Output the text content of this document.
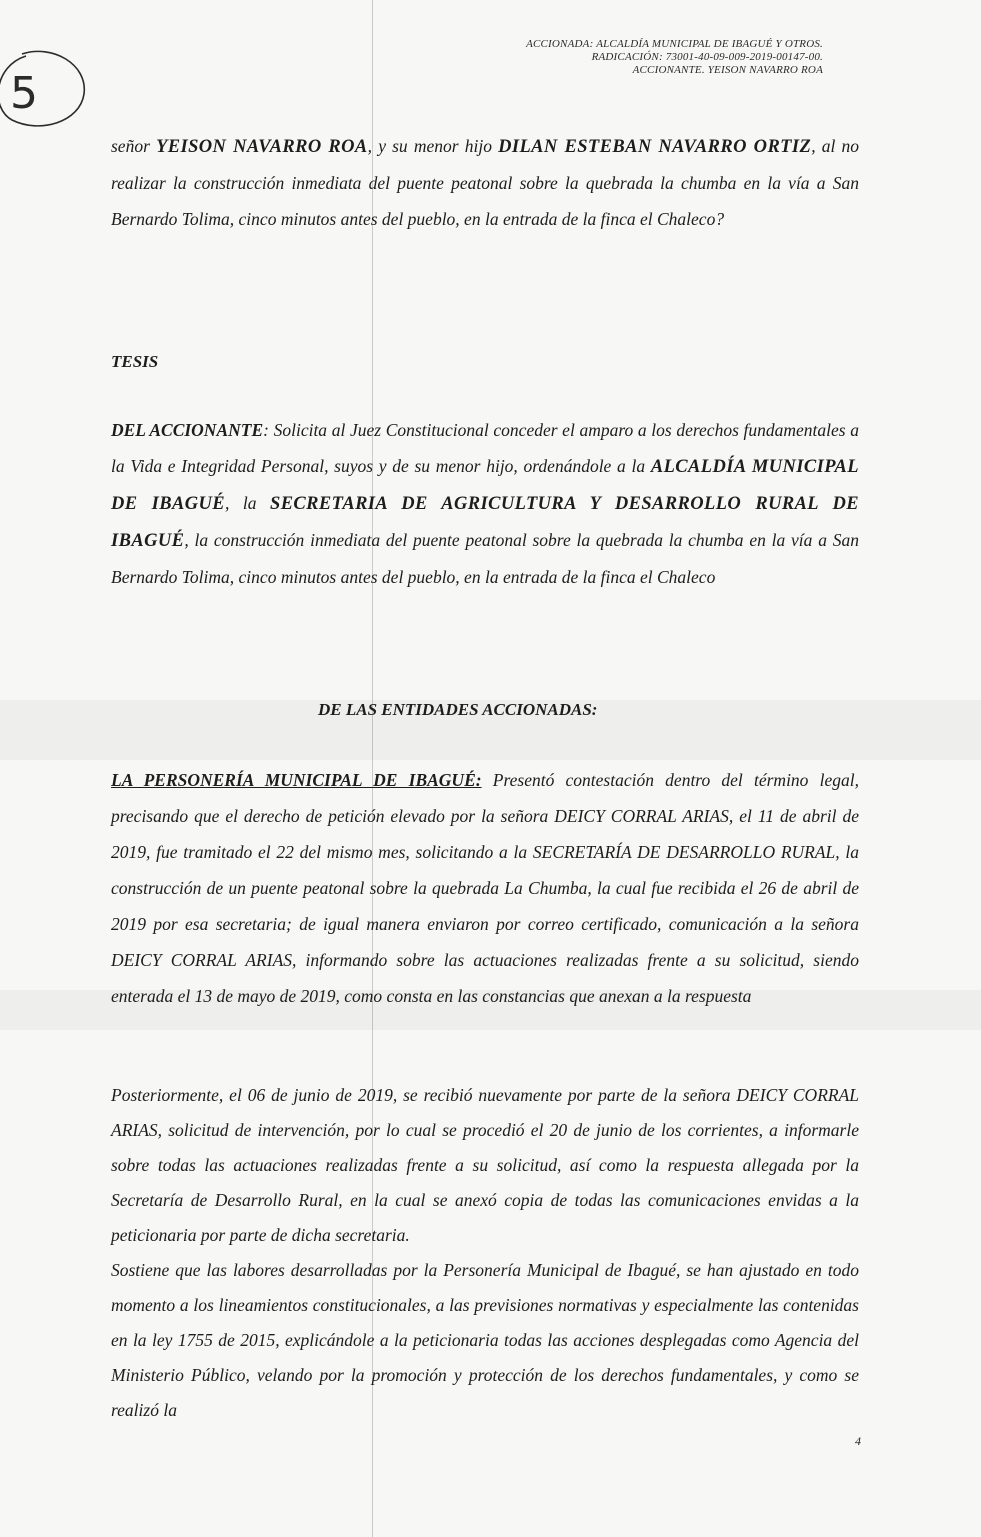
5
ACCIONADA: ALCALDÍA MUNICIPAL DE IBAGUÉ Y OTROS.
RADICACIÓN: 73001-40-09-009-2019-00147-00.
ACCIONANTE. YEISON NAVARRO ROA
señor YEISON NAVARRO ROA, y su menor hijo DILAN ESTEBAN NAVARRO ORTIZ, al no realizar la construcción inmediata del puente peatonal sobre la quebrada la chumba en la vía a San Bernardo Tolima, cinco minutos antes del pueblo, en la entrada de la finca el Chaleco?
TESIS
DEL ACCIONANTE: Solicita al Juez Constitucional conceder el amparo a los derechos fundamentales a la Vida e Integridad Personal, suyos y de su menor hijo, ordenándole a la ALCALDÍA MUNICIPAL DE IBAGUÉ, la SECRETARIA DE AGRICULTURA Y DESARROLLO RURAL DE IBAGUÉ, la construcción inmediata del puente peatonal sobre la quebrada la chumba en la vía a San Bernardo Tolima, cinco minutos antes del pueblo, en la entrada de la finca el Chaleco
DE LAS ENTIDADES ACCIONADAS:
LA PERSONERÍA MUNICIPAL DE IBAGUÉ: Presentó contestación dentro del término legal, precisando que el derecho de petición elevado por la señora DEICY CORRAL ARIAS, el 11 de abril de 2019, fue tramitado el 22 del mismo mes, solicitando a la SECRETARÍA DE DESARROLLO RURAL, la construcción de un puente peatonal sobre la quebrada La Chumba, la cual fue recibida el 26 de abril de 2019 por esa secretaria; de igual manera enviaron por correo certificado, comunicación a la señora DEICY CORRAL ARIAS, informando sobre las actuaciones realizadas frente a su solicitud, siendo enterada el 13 de mayo de 2019, como consta en las constancias que anexan a la respuesta
Posteriormente, el 06 de junio de 2019, se recibió nuevamente por parte de la señora DEICY CORRAL ARIAS, solicitud de intervención, por lo cual se procedió el 20 de junio de los corrientes, a informarle sobre todas las actuaciones realizadas frente a su solicitud, así como la respuesta allegada por la Secretaría de Desarrollo Rural, en la cual se anexó copia de todas las comunicaciones envidas a la peticionaria por parte de dicha secretaria.
Sostiene que las labores desarrolladas por la Personería Municipal de Ibagué, se han ajustado en todo momento a los lineamientos constitucionales, a las previsiones normativas y especialmente las contenidas en la ley 1755 de 2015, explicándole a la peticionaria todas las acciones desplegadas como Agencia del Ministerio Público, velando por la promoción y protección de los derechos fundamentales, y como se realizó la
4
